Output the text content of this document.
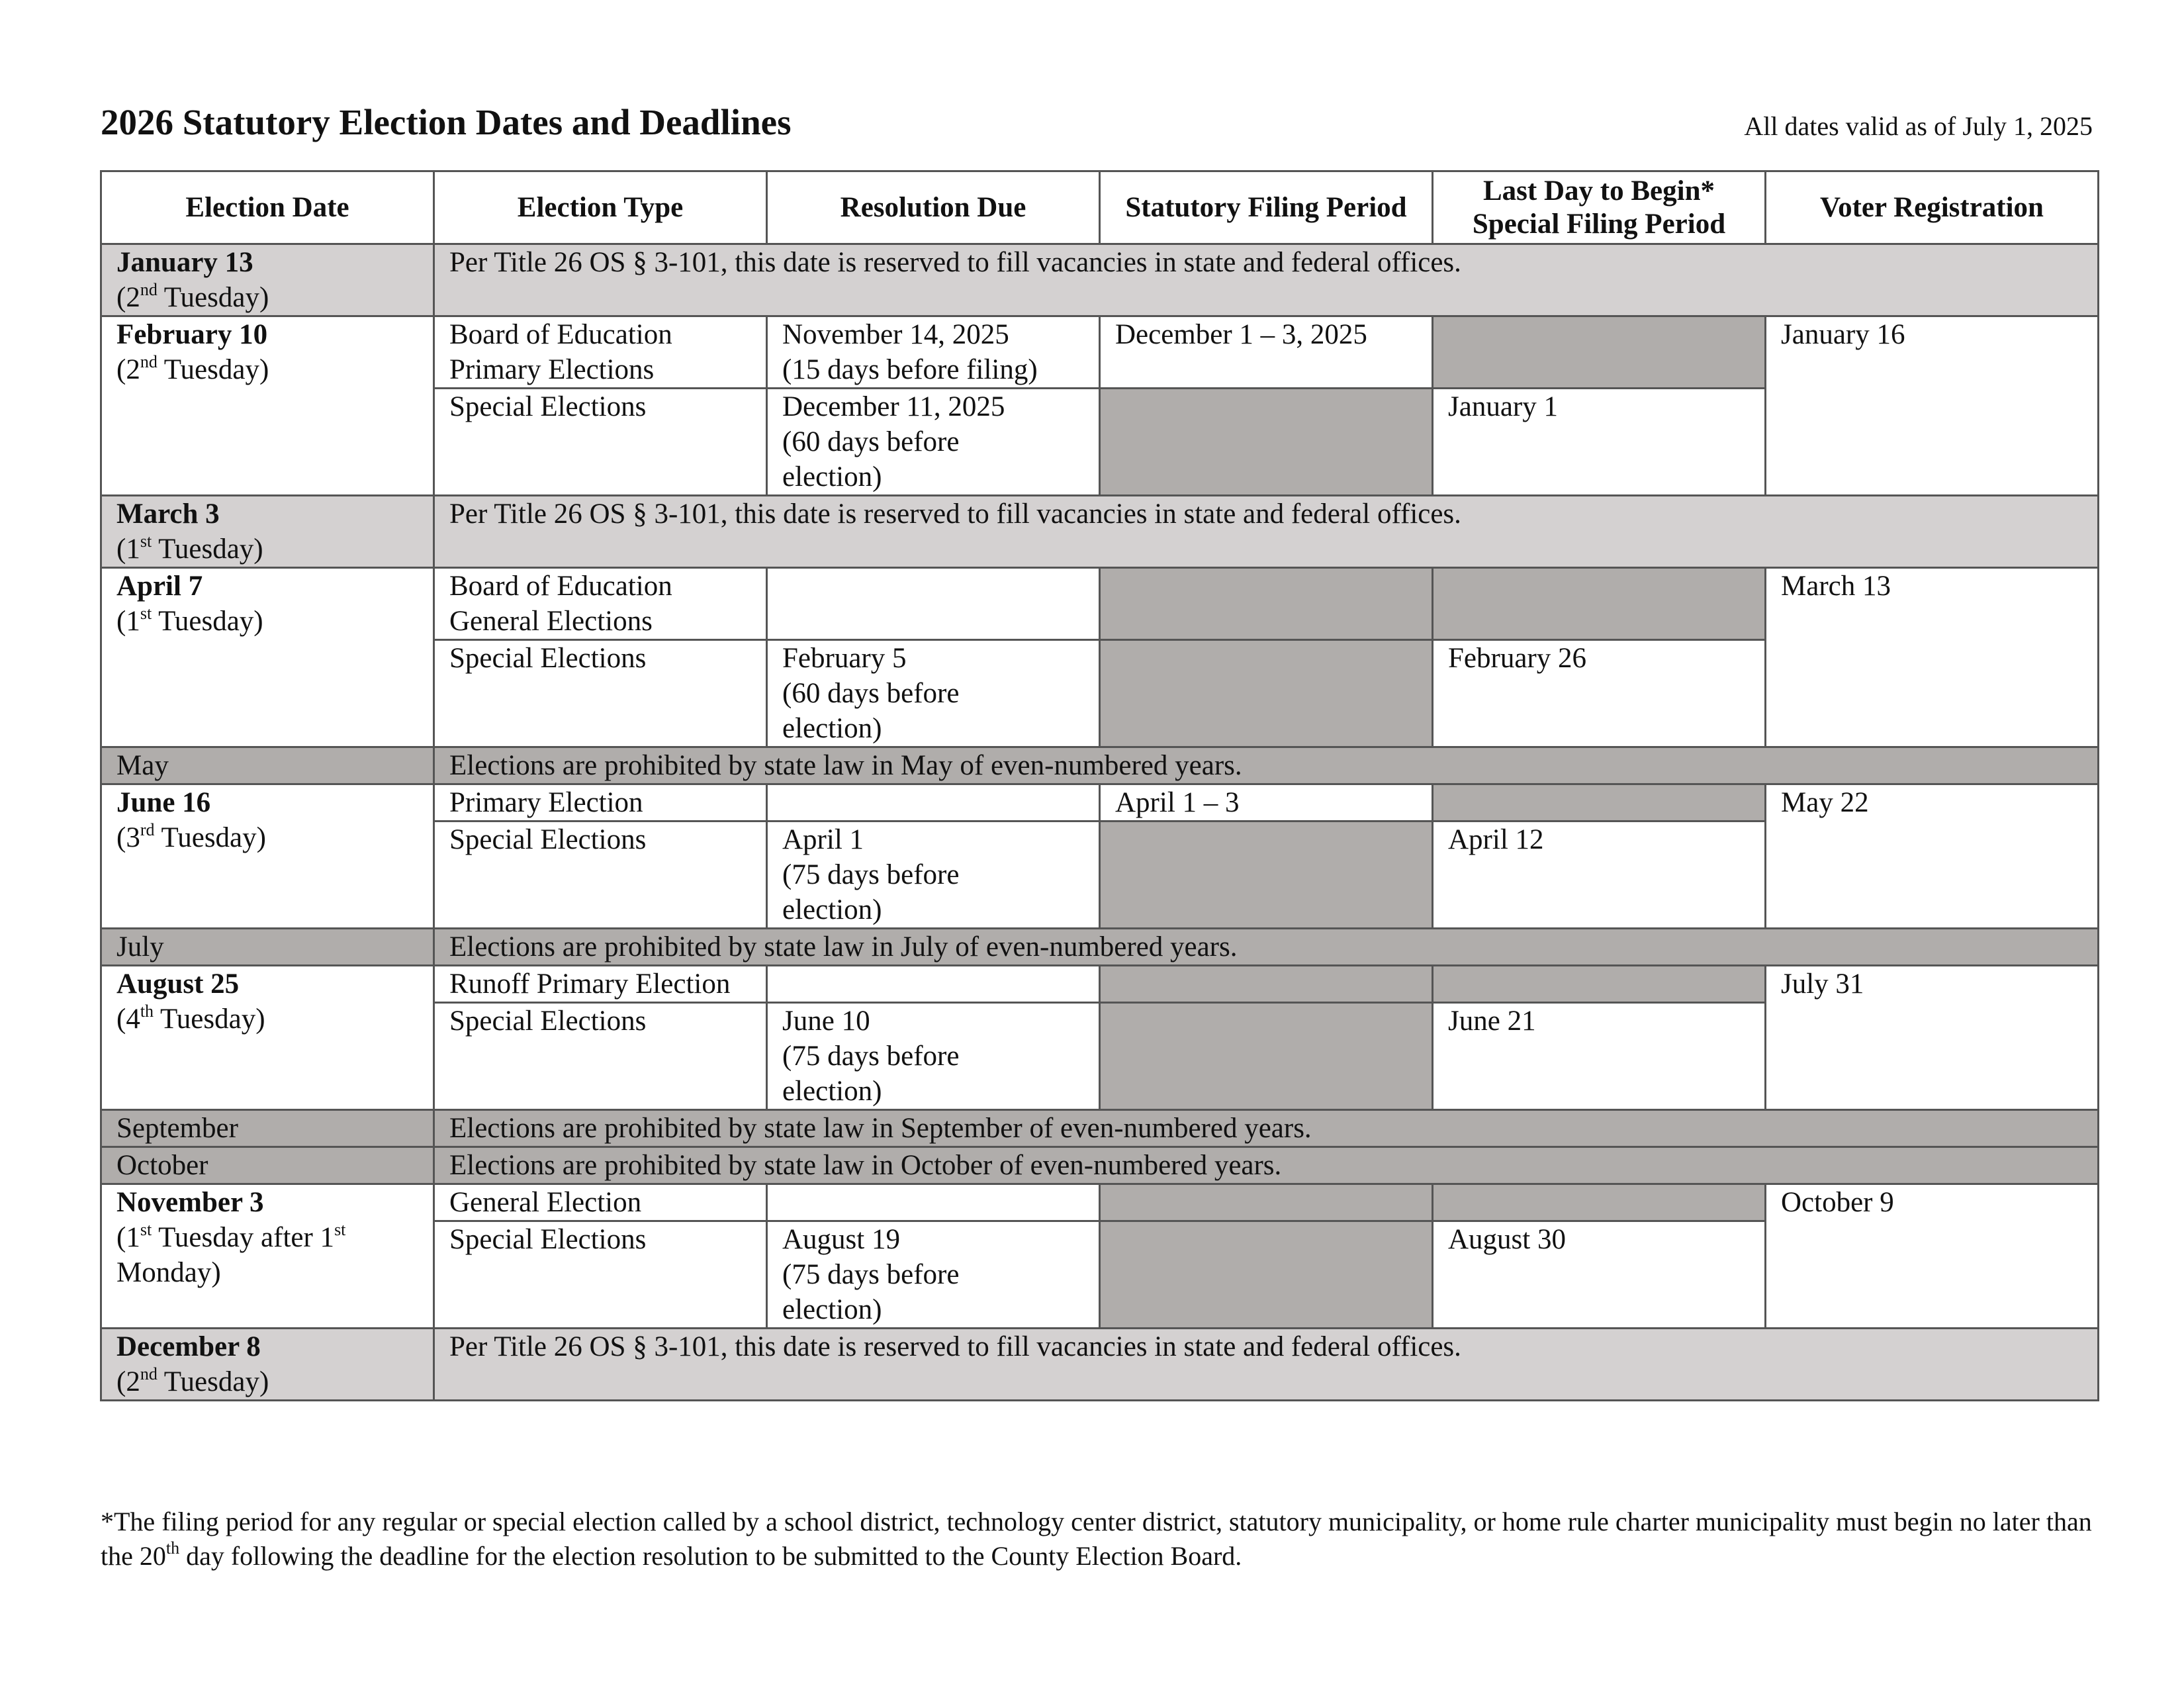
2026 Statutory Election Dates and Deadlines	All dates valid as of July 1, 2025
Election Date	Election Type	Resolution Due	Statutory Filing Period	Last Day to Begin*
Special Filing Period	Voter Registration
January 13
(2nd Tuesday)	Per Title 26 OS § 3-101, this date is reserved to fill vacancies in state and federal offices.				
February 10
(2nd Tuesday)	Board of Education
Primary Elections	November 14, 2025
(15 days before filing)	December 1 – 3, 2025		January 16
	Special Elections	December 11, 2025
(60 days before
election)		January 1	
March 3
(1st Tuesday)	Per Title 26 OS § 3-101, this date is reserved to fill vacancies in state and federal offices.				
April 7
(1st Tuesday)	Board of Education
General Elections				March 13
	Special Elections	February 5
(60 days before
election)		February 26	
May	Elections are prohibited by state law in May of even-numbered years.				
June 16
(3rd Tuesday)	Primary Election		April 1 – 3		May 22
	Special Elections	April 1
(75 days before
election)		April 12	
July	Elections are prohibited by state law in July of even-numbered years.				
August 25
(4th Tuesday)	Runoff Primary Election				July 31
	Special Elections	June 10
(75 days before
election)		June 21	
September	Elections are prohibited by state law in September of even-numbered years.				
October	Elections are prohibited by state law in October of even-numbered years.				
November 3
(1st Tuesday after 1st
Monday)	General Election				October 9
	Special Elections	August 19
(75 days before
election)		August 30	
December 8
(2nd Tuesday)	Per Title 26 OS § 3-101, this date is reserved to fill vacancies in state and federal offices.				

*The filing period for any regular or special election called by a school district, technology center district, statutory municipality, or home rule charter municipality must begin no later than the 20th day following the deadline for the election resolution to be submitted to the County Election Board.
